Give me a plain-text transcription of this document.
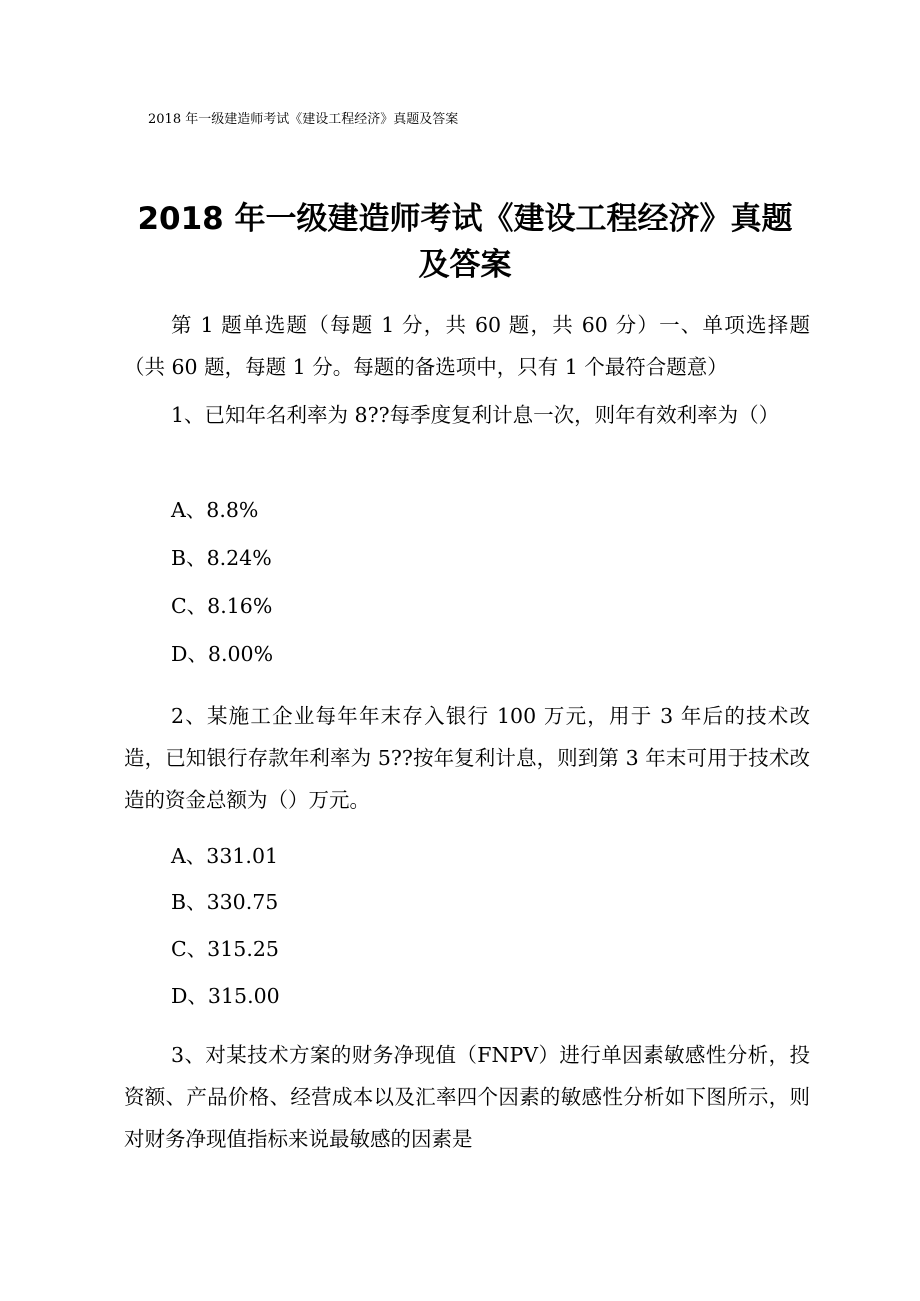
2018 年一级建造师考试《建设工程经济》真题及答案
2018 年一级建造师考试《建设工程经济》真题
及答案

第 1 题单选题（每题 1 分，共 60 题，共 60 分）一、单项选择题（共 60 题，每题 1 分。每题的备选项中，只有 1 个最符合题意）

1、已知年名利率为 8??每季度复利计息一次，则年有效利率为（）

A、8.8%
B、8.24%
C、8.16%
D、8.00%

2、某施工企业每年年末存入银行 100 万元，用于 3 年后的技术改造，已知银行存款年利率为 5??按年复利计息，则到第 3 年末可用于技术改造的资金总额为（）万元。

A、331.01
B、330.75
C、315.25
D、315.00

3、对某技术方案的财务净现值（FNPV）进行单因素敏感性分析，投资额、产品价格、经营成本以及汇率四个因素的敏感性分析如下图所示，则对财务净现值指标来说最敏感的因素是
